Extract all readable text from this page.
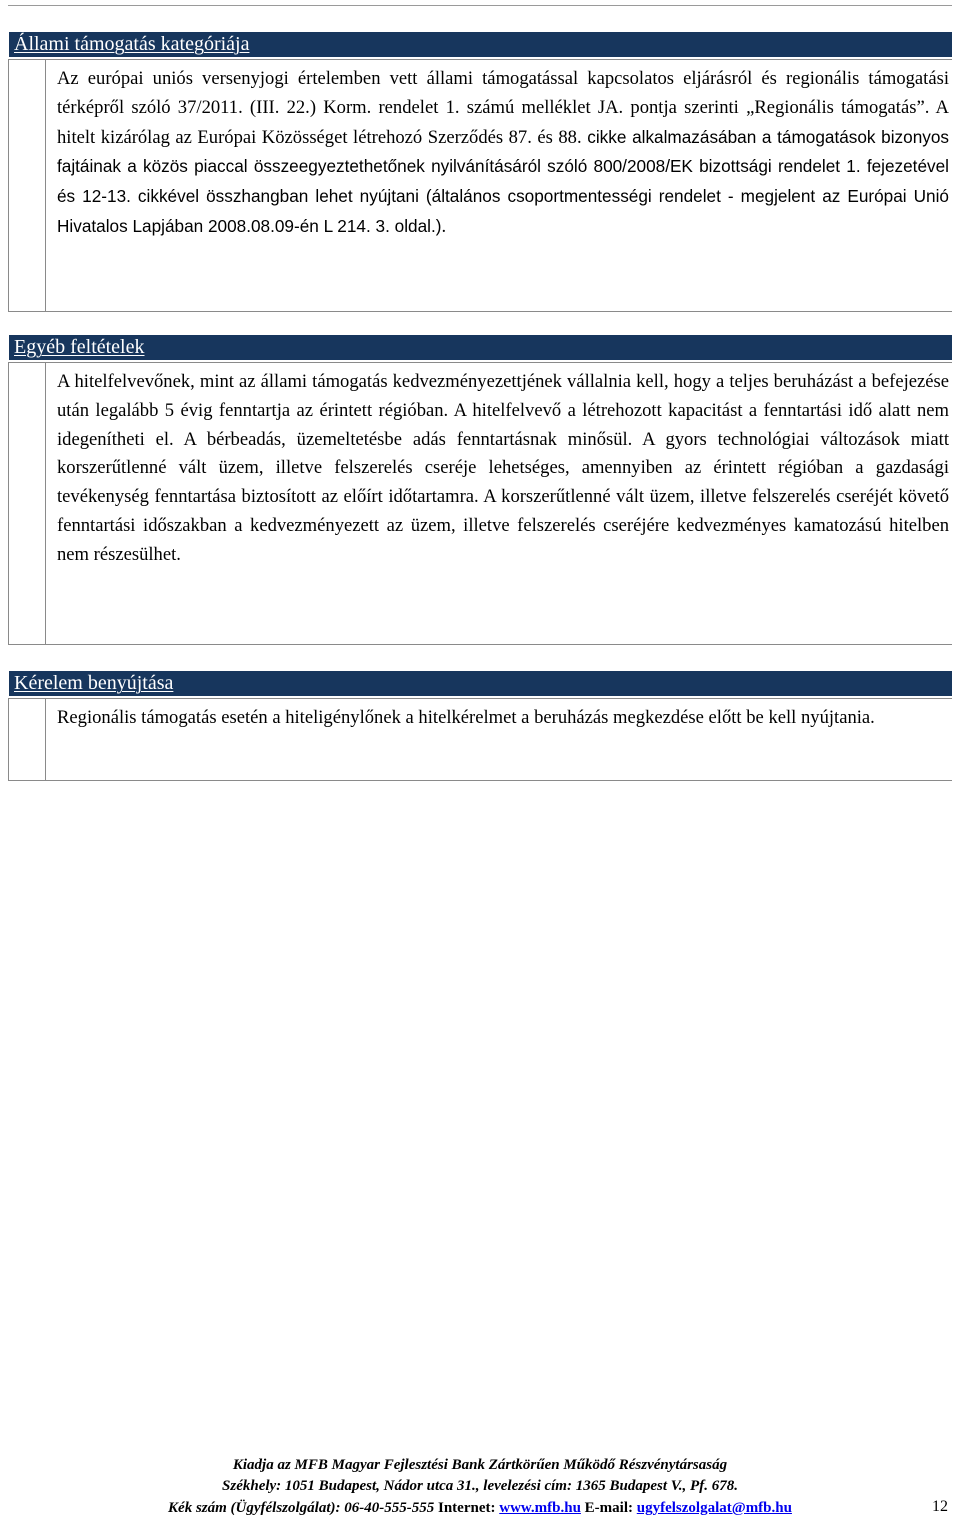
Állami támogatás kategóriája
Az európai uniós versenyjogi értelemben vett állami támogatással kapcsolatos eljárásról és regionális támogatási térképről szóló 37/2011. (III. 22.) Korm. rendelet 1. számú melléklet JA. pontja szerinti „Regionális támogatás”. A hitelt kizárólag az Európai Közösséget létrehozó Szerződés 87. és 88. cikke alkalmazásában a támogatások bizonyos fajtáinak a közös piaccal összeegyeztethetőnek nyilvánításáról szóló 800/2008/EK bizottsági rendelet 1. fejezetével és 12-13. cikkével összhangban lehet nyújtani (általános csoportmentességi rendelet - megjelent az Európai Unió Hivatalos Lapjában 2008.08.09-én L 214. 3. oldal.).
Egyéb feltételek
A hitelfelvevőnek, mint az állami támogatás kedvezményezettjének vállalnia kell, hogy a teljes beruházást a befejezése után legalább 5 évig fenntartja az érintett régióban. A hitelfelvevő a létrehozott kapacitást a fenntartási idő alatt nem idegenítheti el. A bérbeadás, üzemeltetésbe adás fenntartásnak minősül. A gyors technológiai változások miatt korszerűtlenné vált üzem, illetve felszerelés cseréje lehetséges, amennyiben az érintett régióban a gazdasági tevékenység fenntartása biztosított az előírt időtartamra. A korszerűtlenné vált üzem, illetve felszerelés cseréjét követő fenntartási időszakban a kedvezményezett az üzem, illetve felszerelés cseréjére kedvezményes kamatozású hitelben nem részesülhet.
Kérelem benyújtása
Regionális támogatás esetén a hiteligénylőnek a hitelkérelmet a beruházás megkezdése előtt be kell nyújtania.
Kiadja az MFB Magyar Fejlesztési Bank Zártkörűen Működő Részvénytársaság
Székhely: 1051 Budapest, Nádor utca 31., levelezési cím: 1365 Budapest V., Pf. 678.
Kék szám (Ügyfélszolgálat): 06-40-555-555 Internet: www.mfb.hu E-mail: ugyfelszolgalat@mfb.hu	12
